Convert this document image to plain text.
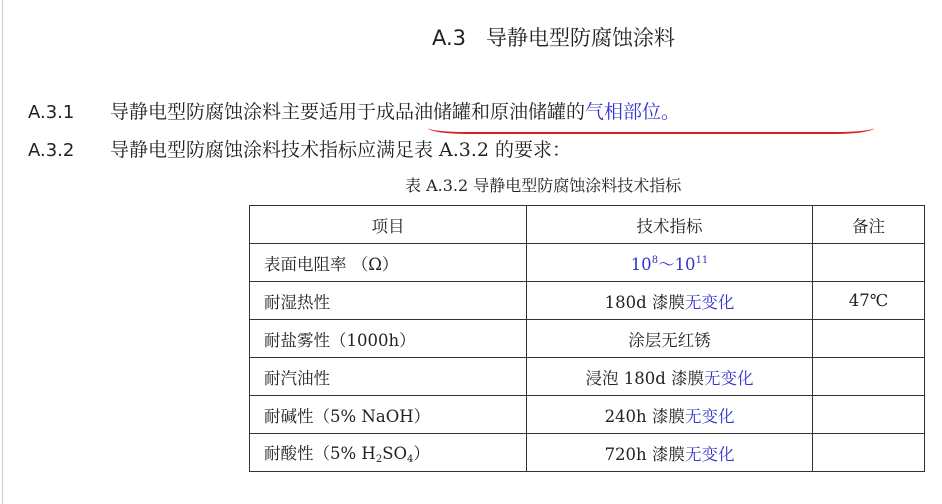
A.3 导静电型防腐蚀涂料
A.3.1 导静电型防腐蚀涂料主要适用于成品油储罐和原油储罐的气相部位。
A.3.2 导静电型防腐蚀涂料技术指标应满足表 A.3.2 的要求：
表 A.3.2 导静电型防腐蚀涂料技术指标
项目	技术指标	备注
表面电阻率 （Ω）	$10^8\sim 10^{11}$	
耐湿热性	180d 漆膜无变化	47℃
耐盐雾性（1000h）	涂层无红锈	
耐汽油性	浸泡 180d 漆膜无变化	
耐碱性（5% NaOH）	240h 漆膜无变化	
耐酸性（5% $H_2SO_4$）	720h 漆膜无变化	
